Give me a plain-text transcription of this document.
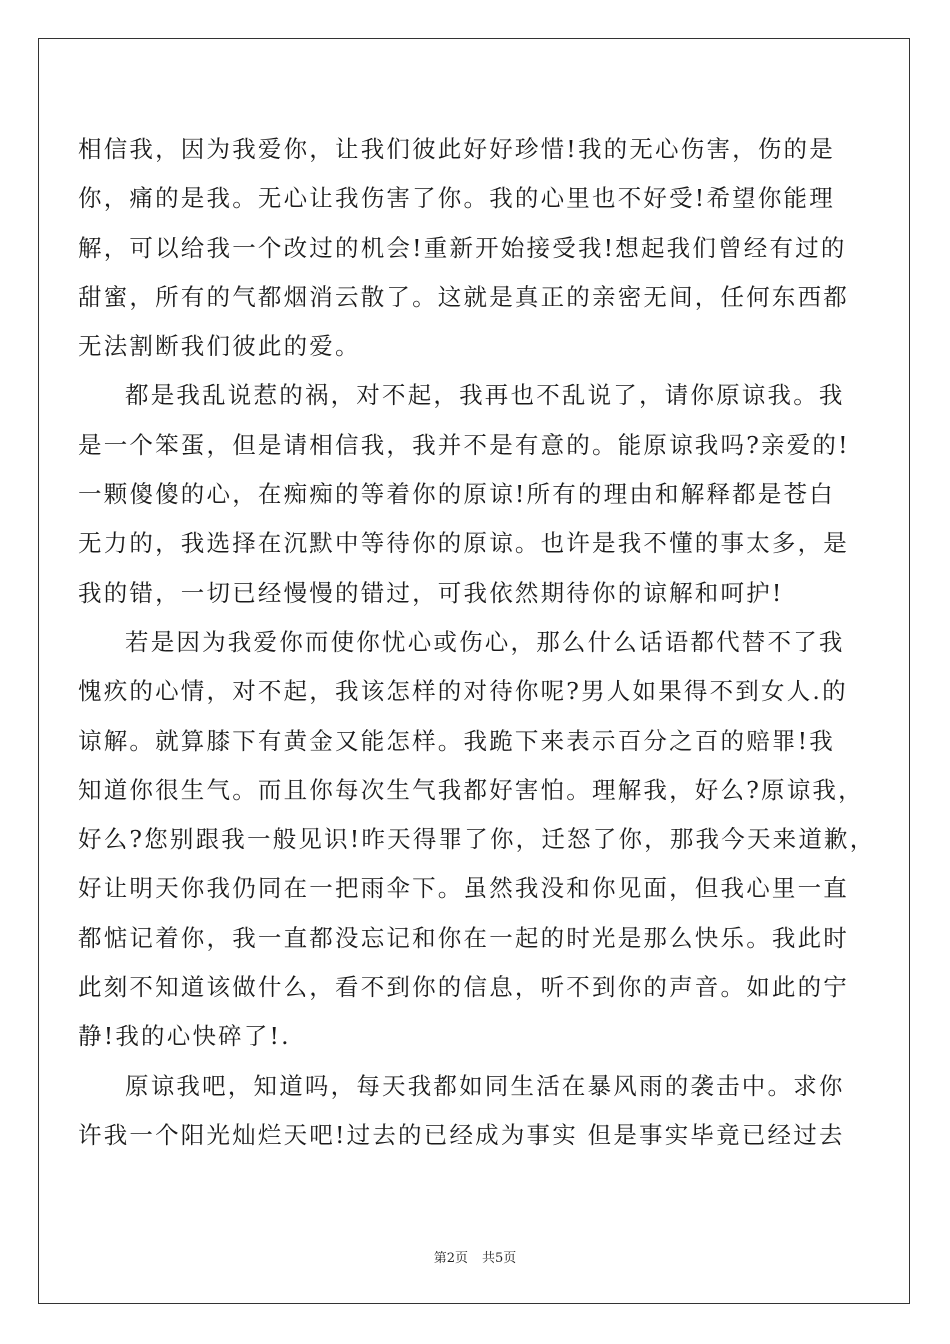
相信我，因为我爱你，让我们彼此好好珍惜!我的无心伤害，伤的是
你，痛的是我。无心让我伤害了你。我的心里也不好受!希望你能理
解，可以给我一个改过的机会!重新开始接受我!想起我们曾经有过的
甜蜜，所有的气都烟消云散了。这就是真正的亲密无间，任何东西都
无法割断我们彼此的爱。
都是我乱说惹的祸，对不起，我再也不乱说了，请你原谅我。我
是一个笨蛋，但是请相信我，我并不是有意的。能原谅我吗?亲爱的!
一颗傻傻的心，在痴痴的等着你的原谅!所有的理由和解释都是苍白
无力的，我选择在沉默中等待你的原谅。也许是我不懂的事太多，是
我的错，一切已经慢慢的错过，可我依然期待你的谅解和呵护!
若是因为我爱你而使你忧心或伤心，那么什么话语都代替不了我
愧疚的心情，对不起，我该怎样的对待你呢?男人如果得不到女人.的
谅解。就算膝下有黄金又能怎样。我跪下来表示百分之百的赔罪!我
知道你很生气。而且你每次生气我都好害怕。理解我，好么?原谅我，
好么?您别跟我一般见识!昨天得罪了你，迁怒了你，那我今天来道歉，
好让明天你我仍同在一把雨伞下。虽然我没和你见面，但我心里一直
都惦记着你，我一直都没忘记和你在一起的时光是那么快乐。我此时
此刻不知道该做什么，看不到你的信息，听不到你的声音。如此的宁
静!我的心快碎了!.
原谅我吧，知道吗，每天我都如同生活在暴风雨的袭击中。求你
许我一个阳光灿烂天吧!过去的已经成为事实 但是事实毕竟已经过去
第2页 共5页
